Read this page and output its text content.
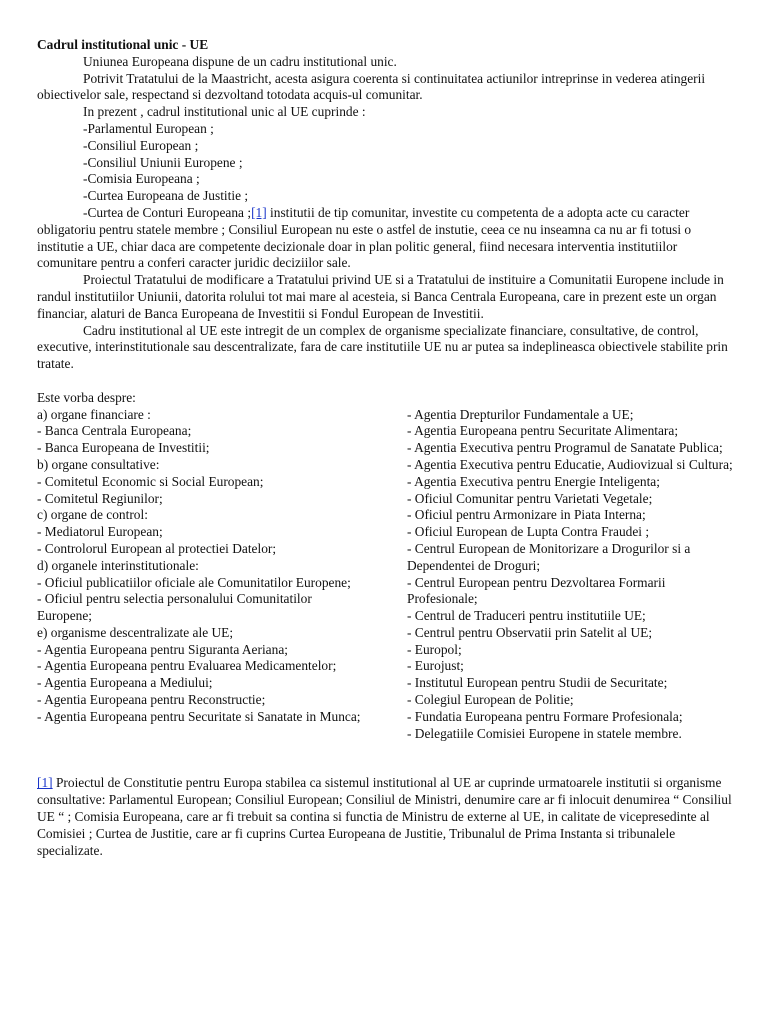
Cadrul institutional unic - UE

Uniunea Europeana dispune de un cadru institutional unic.

Potrivit Tratatului de la Maastricht, acesta asigura coerenta si continuitatea actiunilor intreprinse in vederea atingerii obiectivelor sale, respectand si dezvoltand totodata acquis-ul comunitar.

In prezent , cadrul institutional unic al UE cuprinde :

-Parlamentul European ;

-Consiliul European ;

-Consiliul Uniunii Europene ;

-Comisia Europeana ;

-Curtea Europeana de Justitie ;

-Curtea de Conturi Europeana ;[1] institutii de tip comunitar, investite cu competenta de a adopta acte cu caracter obligatoriu pentru statele membre ; Consiliul European nu este o astfel de instutie, ceea ce nu inseamna ca nu ar fi totusi o institutie a UE, chiar daca are competente decizionale doar in plan politic general, fiind necesara interventia institutiilor comunitare pentru a conferi caracter juridic deciziilor sale.

Proiectul Tratatului de modificare a Tratatului privind UE si a Tratatului de instituire a Comunitatii Europene include in randul institutiilor Uniunii, datorita rolului tot mai mare al acesteia, si Banca Centrala Europeana, care in prezent este un organ financiar, alaturi de Banca Europeana de Investitii si Fondul European de Investitii.

Cadru institutional al UE este intregit de un complex de organisme specializate financiare, consultative, de control, executive, interinstitutionale sau descentralizate, fara de care institutiile UE nu ar putea sa indeplineasca obiectivele stabilite prin tratate.

Este vorba despre:

a) organe financiare :

- Banca Centrala Europeana;

- Banca Europeana de Investitii;

b) organe consultative:

- Comitetul Economic si Social European;

- Comitetul Regiunilor;

c) organe de control:

- Mediatorul European;

- Controlorul European al protectiei Datelor;

d) organele interinstitutionale:

- Oficiul publicatiilor oficiale ale Comunitatilor Europene;

- Oficiul pentru selectia personalului Comunitatilor Europene;

e) organisme descentralizate ale UE;

- Agentia Europeana pentru Siguranta Aeriana;

- Agentia Europeana pentru Evaluarea Medicamentelor;

- Agentia Europeana a Mediului;

- Agentia Europeana pentru Reconstructie;

- Agentia Europeana pentru Securitate si Sanatate in Munca;

- Agentia Drepturilor Fundamentale a UE;

- Agentia Europeana pentru Securitate Alimentara;

- Agentia Executiva pentru Programul de Sanatate Publica;

- Agentia Executiva pentru Educatie, Audiovizual si Cultura;

- Agentia Executiva pentru Energie Inteligenta;

- Oficiul Comunitar pentru Varietati Vegetale;

- Oficiul pentru Armonizare in Piata Interna;

- Oficiul European de Lupta Contra Fraudei ;

- Centrul European de Monitorizare a Drogurilor si a Dependentei de Droguri;

- Centrul European pentru Dezvoltarea Formarii Profesionale;

- Centrul de Traduceri pentru institutiile UE;

- Centrul pentru Observatii prin Satelit al UE;

- Europol;

- Eurojust;

- Institutul European pentru Studii de Securitate;

- Colegiul European de Politie;

- Fundatia Europeana pentru Formare Profesionala;

- Delegatiile Comisiei Europene in statele membre.

[1] Proiectul de Constitutie pentru Europa stabilea ca sistemul institutional al UE ar cuprinde urmatoarele institutii si organisme consultative: Parlamentul European; Consiliul European; Consiliul de Ministri, denumire care ar fi inlocuit denumirea “ Consiliul UE “ ; Comisia Europeana, care ar fi trebuit sa contina si functia de Ministru de externe al UE, in calitate de vicepresedinte al Comisiei ; Curtea de Justitie, care ar fi cuprins Curtea Europeana de Justitie, Tribunalul de Prima Instanta si tribunalele specializate.
